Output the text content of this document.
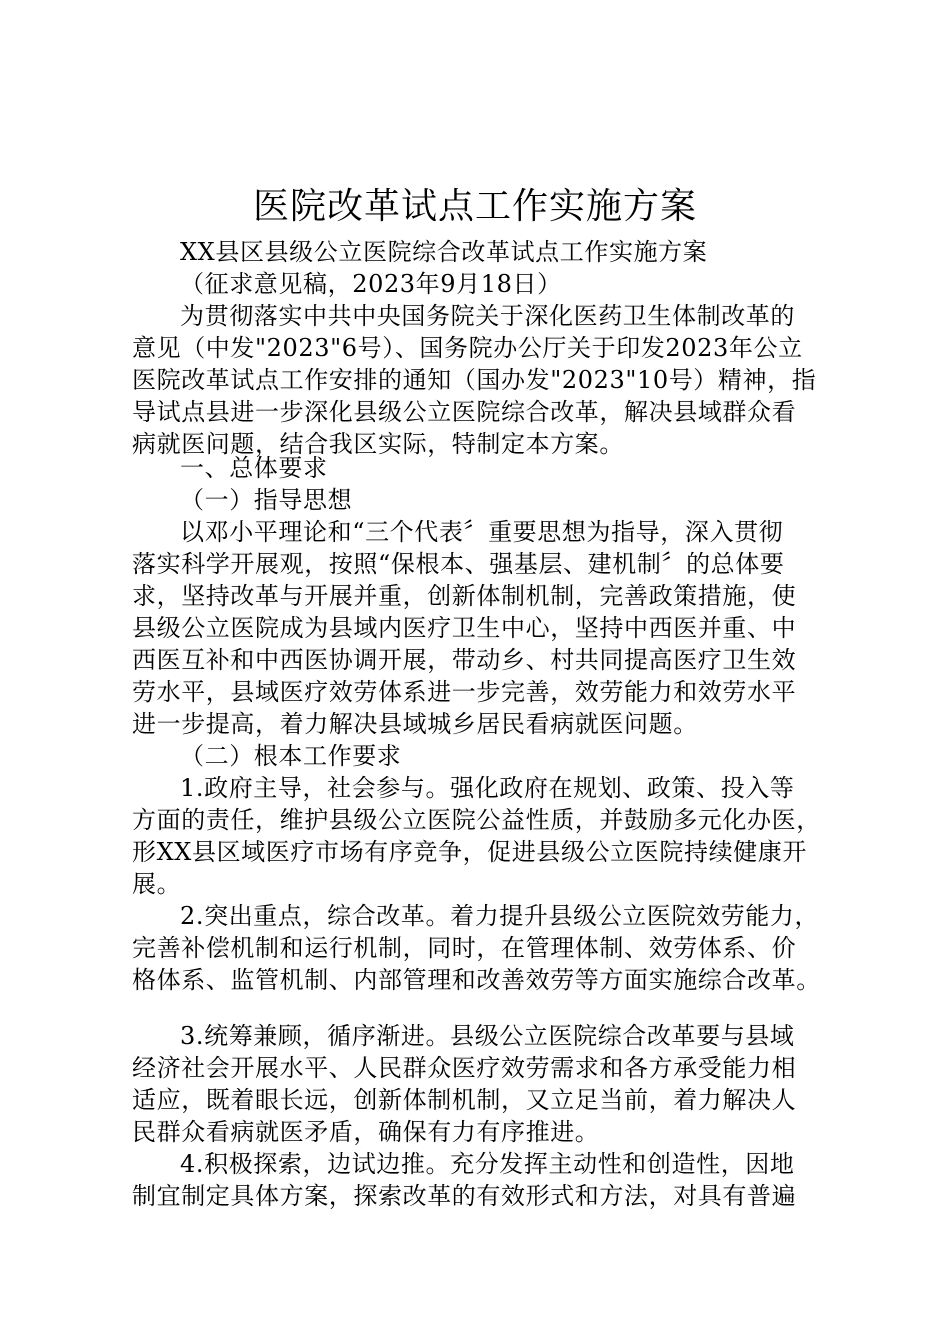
医院改革试点工作实施方案
XX县区县级公立医院综合改革试点工作实施方案
（征求意见稿，2023年9月18日）
为贯彻落实中共中央国务院关于深化医药卫生体制改革的
意见（中发"2023"6号）、国务院办公厅关于印发2023年公立
医院改革试点工作安排的通知（国办发"2023"10号）精神，指
导试点县进一步深化县级公立医院综合改革，解决县域群众看
病就医问题，结合我区实际，特制定本方案。
一、总体要求
（一）指导思想
以邓小平理论和“三个代表〞重要思想为指导，深入贯彻
落实科学开展观，按照“保根本、强基层、建机制〞的总体要
求，坚持改革与开展并重，创新体制机制，完善政策措施，使
县级公立医院成为县域内医疗卫生中心，坚持中西医并重、中
西医互补和中西医协调开展，带动乡、村共同提高医疗卫生效
劳水平，县域医疗效劳体系进一步完善，效劳能力和效劳水平
进一步提高，着力解决县域城乡居民看病就医问题。
（二）根本工作要求
1.政府主导，社会参与。强化政府在规划、政策、投入等
方面的责任，维护县级公立医院公益性质，并鼓励多元化办医，
形XX县区域医疗市场有序竞争，促进县级公立医院持续健康开
展。
2.突出重点，综合改革。着力提升县级公立医院效劳能力，
完善补偿机制和运行机制，同时，在管理体制、效劳体系、价
格体系、监管机制、内部管理和改善效劳等方面实施综合改革。
3.统筹兼顾，循序渐进。县级公立医院综合改革要与县域
经济社会开展水平、人民群众医疗效劳需求和各方承受能力相
适应，既着眼长远，创新体制机制，又立足当前，着力解决人
民群众看病就医矛盾，确保有力有序推进。
4.积极探索，边试边推。充分发挥主动性和创造性，因地
制宜制定具体方案，探索改革的有效形式和方法，对具有普遍
